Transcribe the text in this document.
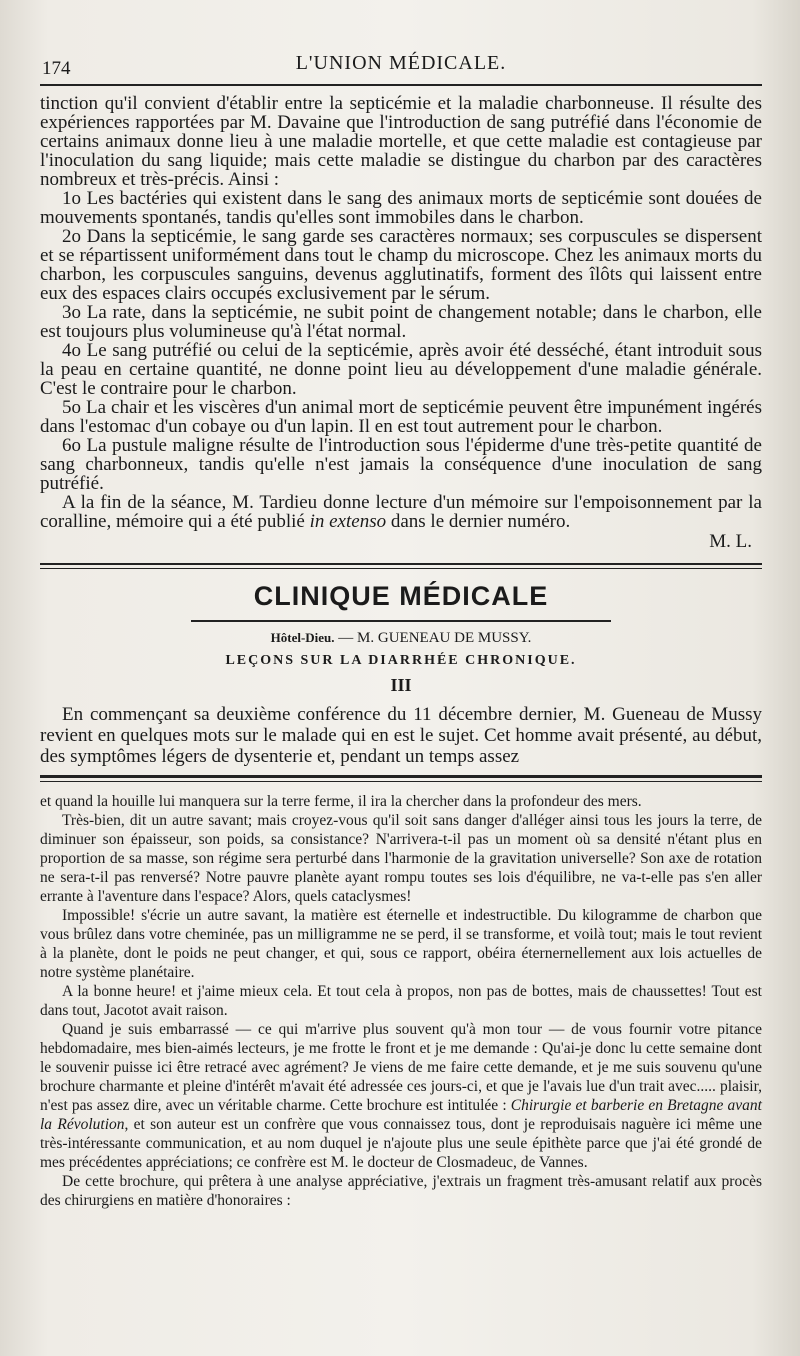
174	L'UNION MÉDICALE.

tinction qu'il convient d'établir entre la septicémie et la maladie charbonneuse. Il résulte des expériences rapportées par M. Davaine que l'introduction de sang putréfié dans l'économie de certains animaux donne lieu à une maladie mortelle, et que cette maladie est contagieuse par l'inoculation du sang liquide; mais cette maladie se distingue du charbon par des caractères nombreux et très-précis. Ainsi :

1o Les bactéries qui existent dans le sang des animaux morts de septicémie sont douées de mouvements spontanés, tandis qu'elles sont immobiles dans le charbon.

2o Dans la septicémie, le sang garde ses caractères normaux; ses corpuscules se dispersent et se répartissent uniformément dans tout le champ du microscope. Chez les animaux morts du charbon, les corpuscules sanguins, devenus agglutinatifs, forment des îlôts qui laissent entre eux des espaces clairs occupés exclusivement par le sérum.

3o La rate, dans la septicémie, ne subit point de changement notable; dans le charbon, elle est toujours plus volumineuse qu'à l'état normal.

4o Le sang putréfié ou celui de la septicémie, après avoir été desséché, étant introduit sous la peau en certaine quantité, ne donne point lieu au développement d'une maladie générale. C'est le contraire pour le charbon.

5o La chair et les viscères d'un animal mort de septicémie peuvent être impunément ingérés dans l'estomac d'un cobaye ou d'un lapin. Il en est tout autrement pour le charbon.

6o La pustule maligne résulte de l'introduction sous l'épiderme d'une très-petite quantité de sang charbonneux, tandis qu'elle n'est jamais la conséquence d'une inoculation de sang putréfié.

A la fin de la séance, M. Tardieu donne lecture d'un mémoire sur l'empoisonnement par la coralline, mémoire qui a été publié in extenso dans le dernier numéro.

M. L.

CLINIQUE MÉDICALE

Hôtel-Dieu. — M. GUENEAU DE MUSSY.

LEÇONS SUR LA DIARRHÉE CHRONIQUE.

III

En commençant sa deuxième conférence du 11 décembre dernier, M. Gueneau de Mussy revient en quelques mots sur le malade qui en est le sujet. Cet homme avait présenté, au début, des symptômes légers de dysenterie et, pendant un temps assez

et quand la houille lui manquera sur la terre ferme, il ira la chercher dans la profondeur des mers.

Très-bien, dit un autre savant; mais croyez-vous qu'il soit sans danger d'alléger ainsi tous les jours la terre, de diminuer son épaisseur, son poids, sa consistance? N'arrivera-t-il pas un moment où sa densité n'étant plus en proportion de sa masse, son régime sera perturbé dans l'harmonie de la gravitation universelle? Son axe de rotation ne sera-t-il pas renversé? Notre pauvre planète ayant rompu toutes ses lois d'équilibre, ne va-t-elle pas s'en aller errante à l'aventure dans l'espace? Alors, quels cataclysmes!

Impossible! s'écrie un autre savant, la matière est éternelle et indestructible. Du kilogramme de charbon que vous brûlez dans votre cheminée, pas un milligramme ne se perd, il se transforme, et voilà tout; mais le tout revient à la planète, dont le poids ne peut changer, et qui, sous ce rapport, obéira éternernellement aux lois actuelles de notre système planétaire.

A la bonne heure! et j'aime mieux cela. Et tout cela à propos, non pas de bottes, mais de chaussettes! Tout est dans tout, Jacotot avait raison.

Quand je suis embarrassé — ce qui m'arrive plus souvent qu'à mon tour — de vous fournir votre pitance hebdomadaire, mes bien-aimés lecteurs, je me frotte le front et je me demande : Qu'ai-je donc lu cette semaine dont le souvenir puisse ici être retracé avec agrément? Je viens de me faire cette demande, et je me suis souvenu qu'une brochure charmante et pleine d'intérêt m'avait été adressée ces jours-ci, et que je l'avais lue d'un trait avec..... plaisir, n'est pas assez dire, avec un véritable charme. Cette brochure est intitulée : Chirurgie et barberie en Bretagne avant la Révolution, et son auteur est un confrère que vous connaissez tous, dont je reproduisais naguère ici même une très-intéressante communication, et au nom duquel je n'ajoute plus une seule épithète parce que j'ai été grondé de mes précédentes appréciations; ce confrère est M. le docteur de Closmadeuc, de Vannes.

De cette brochure, qui prêtera à une analyse appréciative, j'extrais un fragment très-amusant relatif aux procès des chirurgiens en matière d'honoraires :
